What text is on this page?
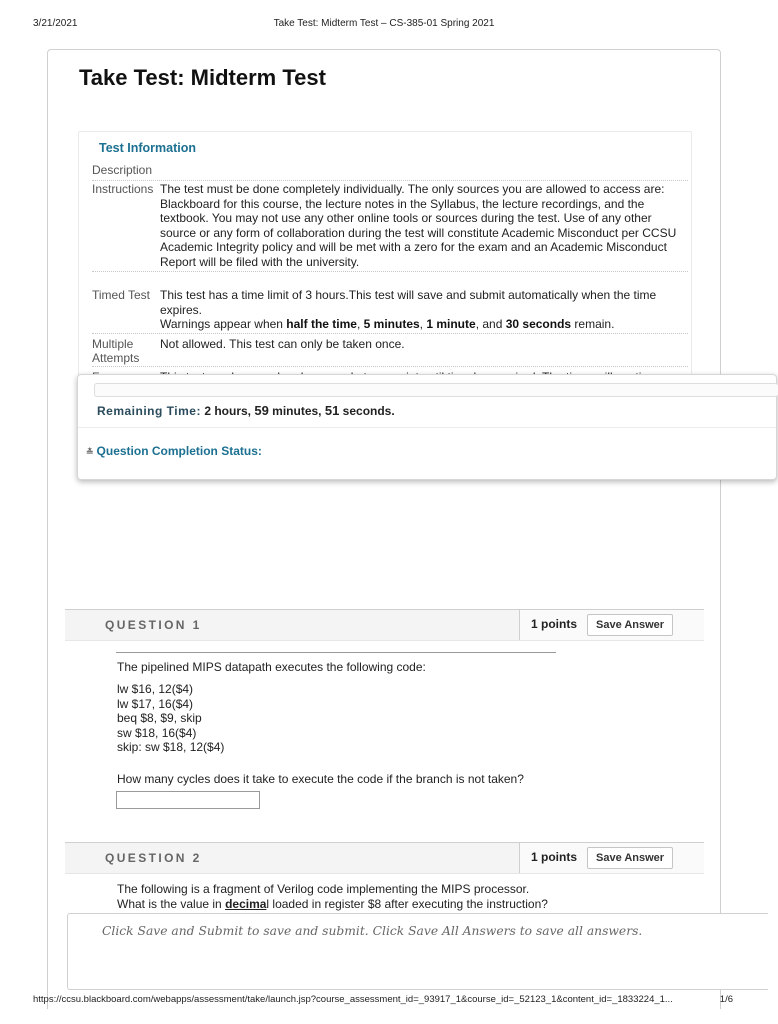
3/21/2021	Take Test: Midterm Test – CS-385-01 Spring 2021
Take Test: Midterm Test
Test Information
Description
Instructions The test must be done completely individually. The only sources you are allowed to access are: Blackboard for this course, the lecture notes in the Syllabus, the lecture recordings, and the textbook. You may not use any other online tools or sources during the test. Use of any other source or any form of collaboration during the test will constitute Academic Misconduct per CCSU Academic Integrity policy and will be met with a zero for the exam and an Academic Misconduct Report will be filed with the university.
Timed Test This test has a time limit of 3 hours.This test will save and submit automatically when the time expires.
Warnings appear when half the time, 5 minutes, 1 minute, and 30 seconds remain.
Multiple Attempts
Not allowed. This test can only be taken once.
Remaining Time: 2 hours, 59 minutes, 51 seconds.
≛ Question Completion Status:
QUESTION 1	1 points	Save Answer
The pipelined MIPS datapath executes the following code:
lw $16, 12($4)
lw $17, 16($4)
beq $8, $9, skip
sw $18, 16($4)
skip: sw $18, 12($4)
How many cycles does it take to execute the code if the branch is not taken?
QUESTION 2	1 points	Save Answer
The following is a fragment of Verilog code implementing the MIPS processor.
What is the value in decimal loaded in register $8 after executing the instruction?
Click Save and Submit to save and submit. Click Save All Answers to save all answers.
https://ccsu.blackboard.com/webapps/assessment/take/launch.jsp?course_assessment_id=_93917_1&course_id=_52123_1&content_id=_1833224_1...	1/6
